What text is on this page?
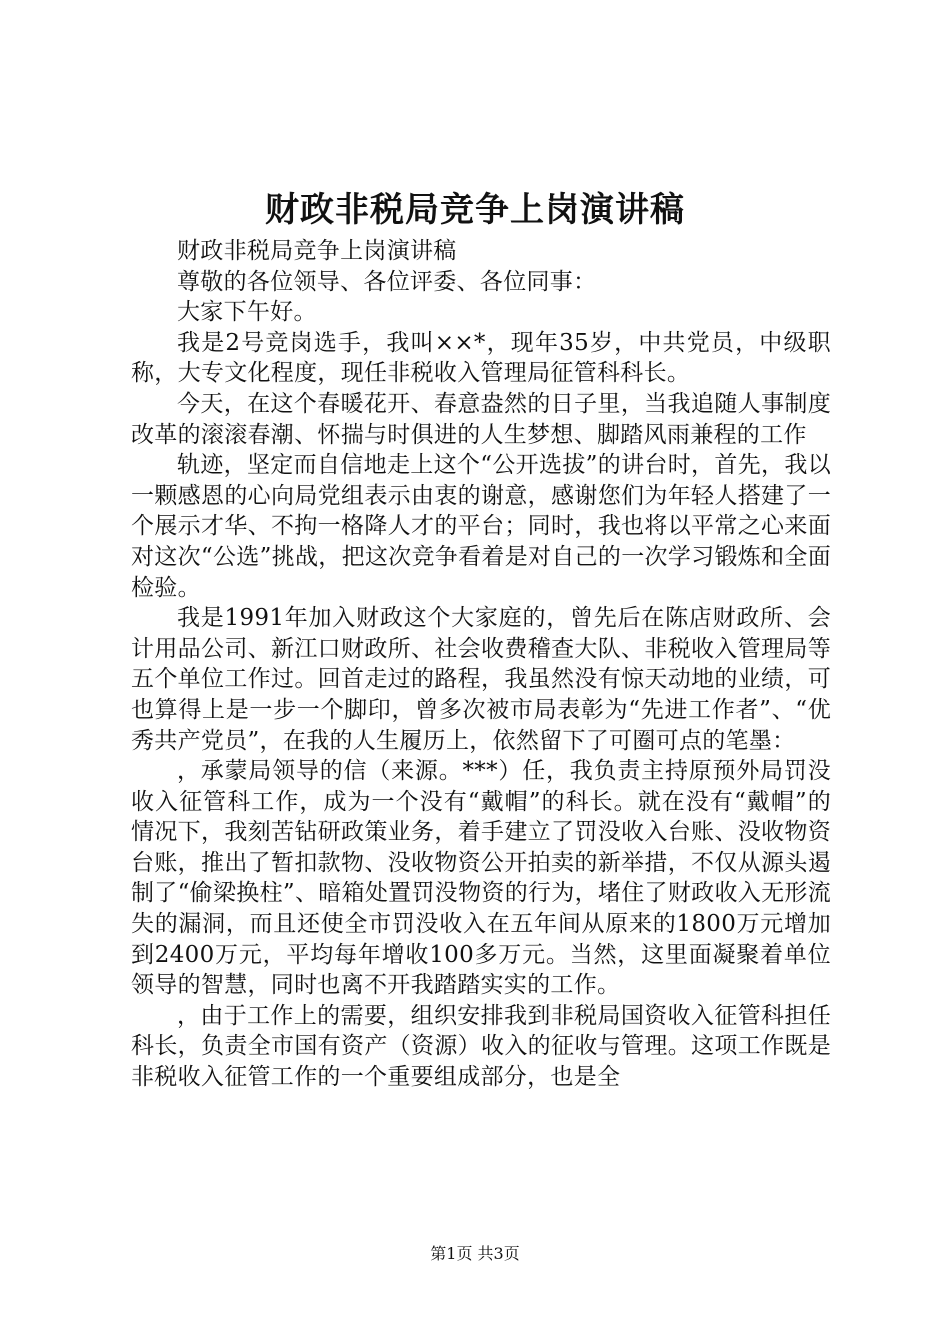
财政非税局竞争上岗演讲稿

财政非税局竞争上岗演讲稿

尊敬的各位领导、各位评委、各位同事：

大家下午好。

我是2号竞岗选手，我叫××*，现年35岁，中共党员，中级职称，大专文化程度，现任非税收入管理局征管科科长。

今天，在这个春暖花开、春意盎然的日子里，当我追随人事制度改革的滚滚春潮、怀揣与时俱进的人生梦想、脚踏风雨兼程的工作

轨迹，坚定而自信地走上这个“公开选拔”的讲台时，首先，我以一颗感恩的心向局党组表示由衷的谢意，感谢您们为年轻人搭建了一个展示才华、不拘一格降人才的平台；同时，我也将以平常之心来面对这次“公选”挑战，把这次竞争看着是对自己的一次学习锻炼和全面检验。

我是1991年加入财政这个大家庭的，曾先后在陈店财政所、会计用品公司、新江口财政所、社会收费稽查大队、非税收入管理局等五个单位工作过。回首走过的路程，我虽然没有惊天动地的业绩，可也算得上是一步一个脚印，曾多次被市局表彰为“先进工作者”、“优秀共产党员”，在我的人生履历上，依然留下了可圈可点的笔墨：

，承蒙局领导的信（来源。***）任，我负责主持原预外局罚没收入征管科工作，成为一个没有“戴帽”的科长。就在没有“戴帽”的情况下，我刻苦钻研政策业务，着手建立了罚没收入台账、没收物资台账，推出了暂扣款物、没收物资公开拍卖的新举措，不仅从源头遏制了“偷梁换柱”、暗箱处置罚没物资的行为，堵住了财政收入无形流失的漏洞，而且还使全市罚没收入在五年间从原来的1800万元增加到2400万元，平均每年增收100多万元。当然，这里面凝聚着单位领导的智慧，同时也离不开我踏踏实实的工作。

，由于工作上的需要，组织安排我到非税局国资收入征管科担任科长，负责全市国有资产（资源）收入的征收与管理。这项工作既是非税收入征管工作的一个重要组成部分，也是全

第1页 共3页
